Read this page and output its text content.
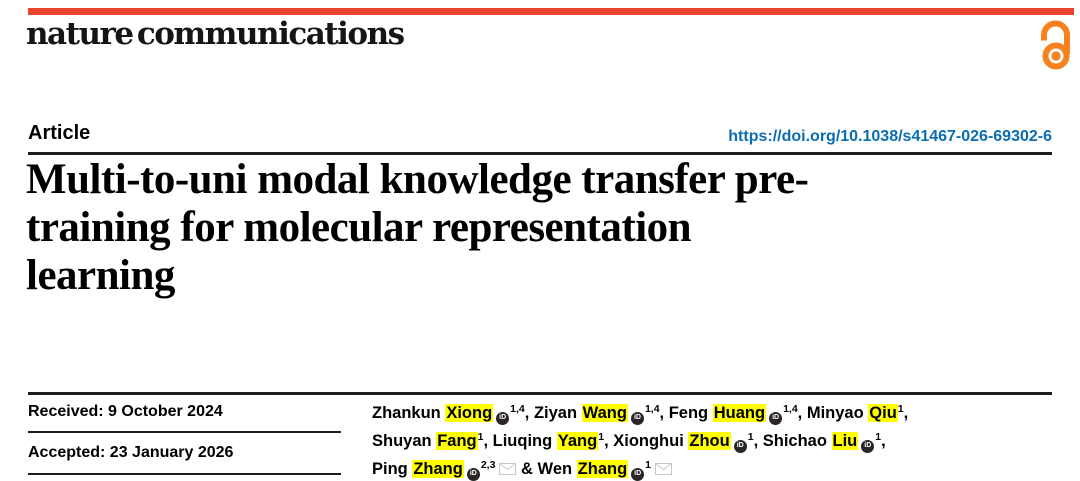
nature communications
Article	https://doi.org/10.1038/s41467-026-69302-6
Multi-to-uni modal knowledge transfer pre-
training for molecular representation
learning
Received: 9 October 2024
Accepted: 23 January 2026
Zhankun Xiong iD$^{1,4}$, Ziyan Wang iD$^{1,4}$, Feng Huang iD$^{1,4}$, Minyao Qiu$^1$,
Shuyan Fang$^1$, Liuqing Yang$^1$, Xionghui Zhou $iD^1$, Shichao Liu $iD^1$,
Ping Zhang iD$^{2,3}$ & Wen Zhang $iD^1$
